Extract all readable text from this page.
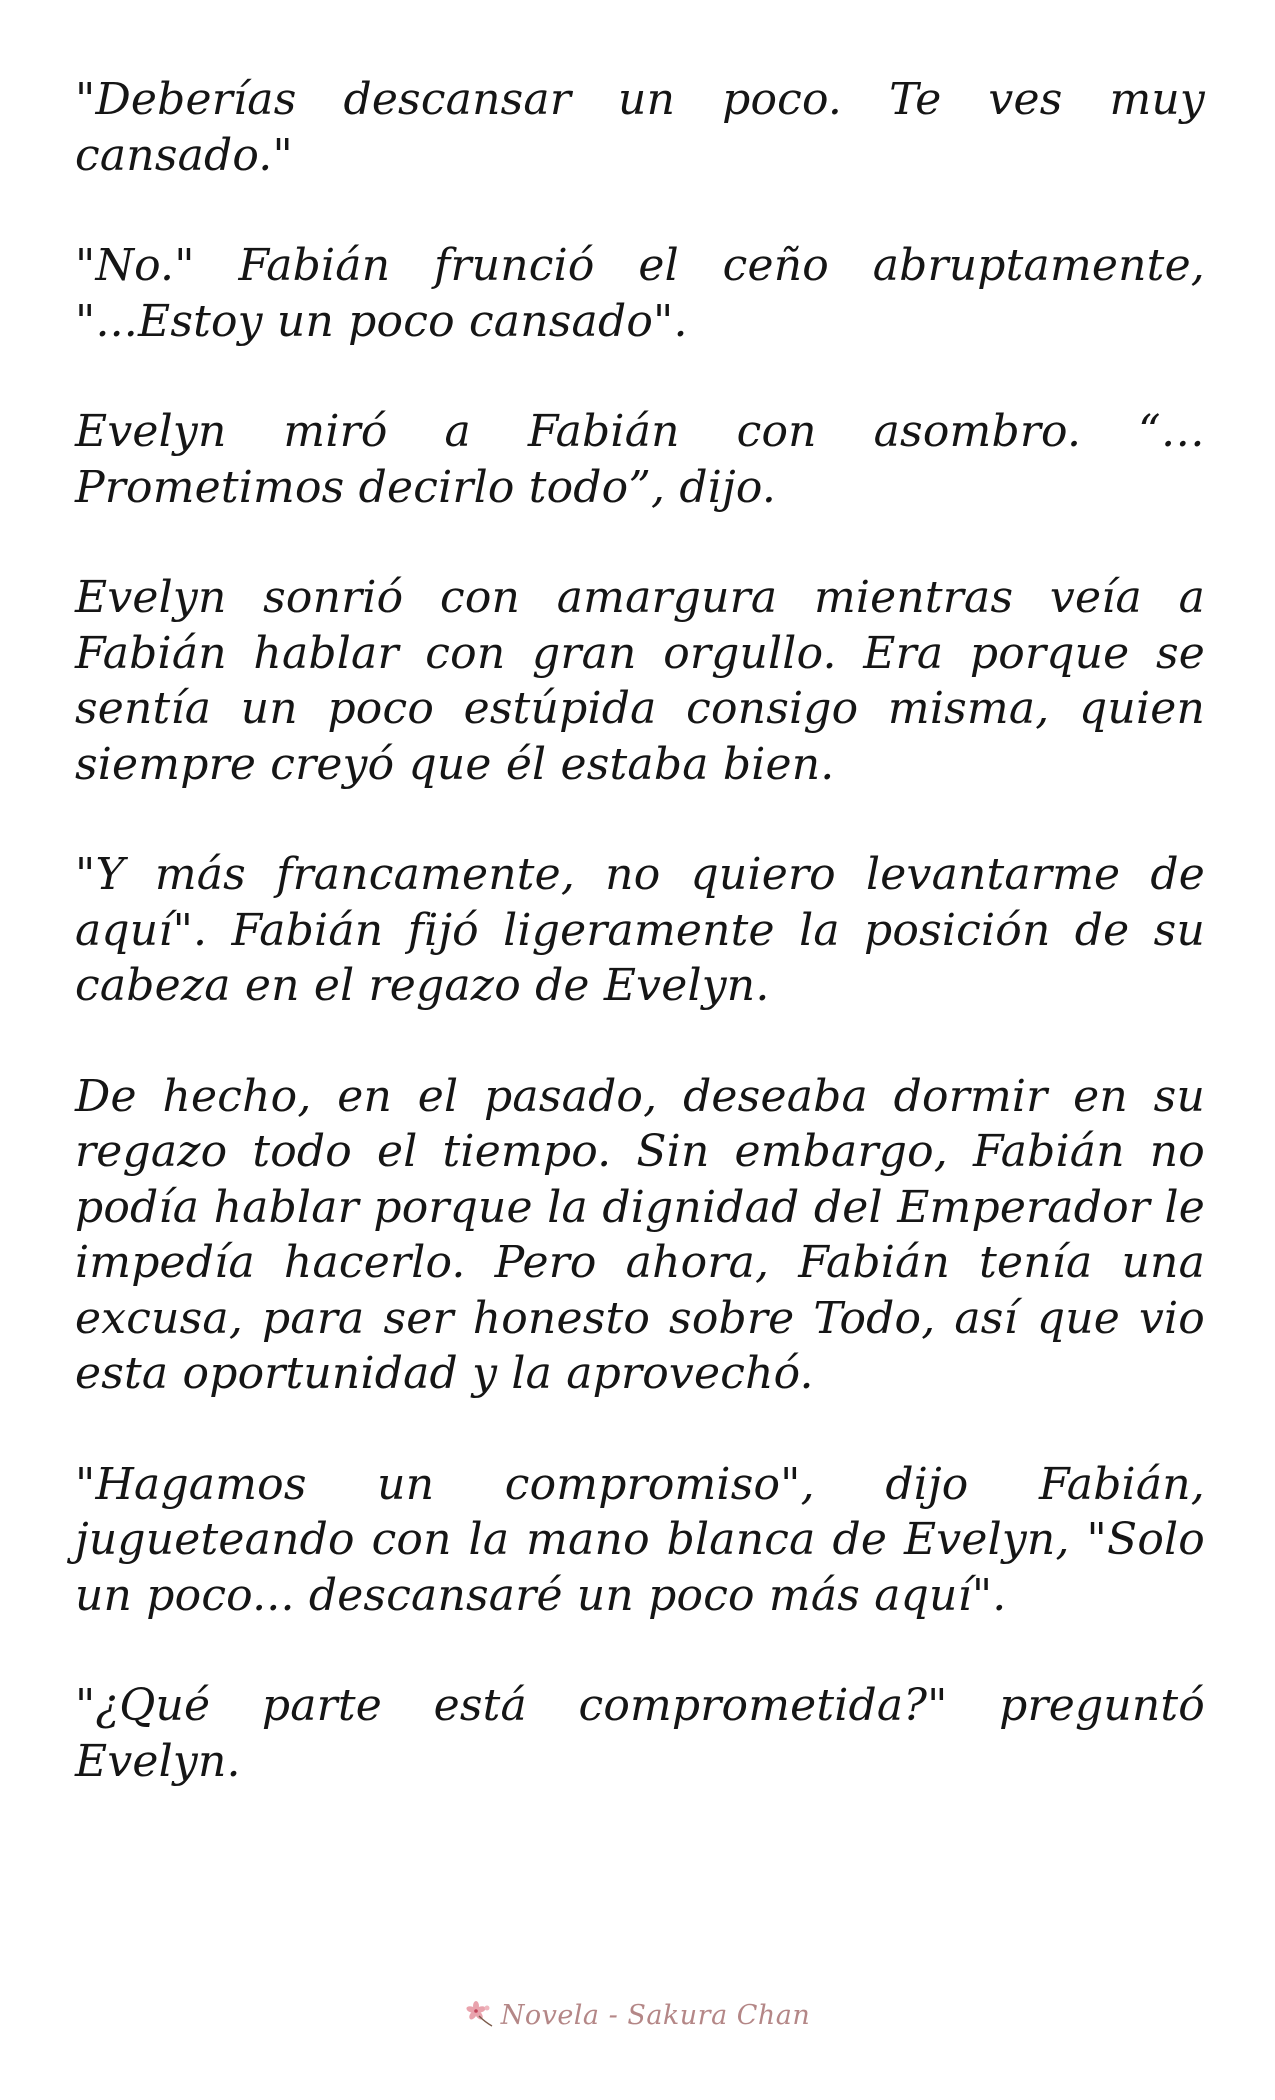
"Deberías descansar un poco. Te ves muy cansado."

"No." Fabián frunció el ceño abruptamente, "...Estoy un poco cansado".

Evelyn miró a Fabián con asombro. “…Prometimos decirlo todo”, dijo.

Evelyn sonrió con amargura mientras veía a Fabián hablar con gran orgullo. Era porque se sentía un poco estúpida consigo misma, quien siempre creyó que él estaba bien.

"Y más francamente, no quiero levantarme de aquí". Fabián fijó ligeramente la posición de su cabeza en el regazo de Evelyn.

De hecho, en el pasado, deseaba dormir en su regazo todo el tiempo. Sin embargo, Fabián no podía hablar porque la dignidad del Emperador le impedía hacerlo. Pero ahora, Fabián tenía una excusa, para ser honesto sobre Todo, así que vio esta oportunidad y la aprovechó.

"Hagamos un compromiso", dijo Fabián, jugueteando con la mano blanca de Evelyn, "Solo un poco... descansaré un poco más aquí".

"¿Qué parte está comprometida?" preguntó Evelyn.

Novela - Sakura Chan
